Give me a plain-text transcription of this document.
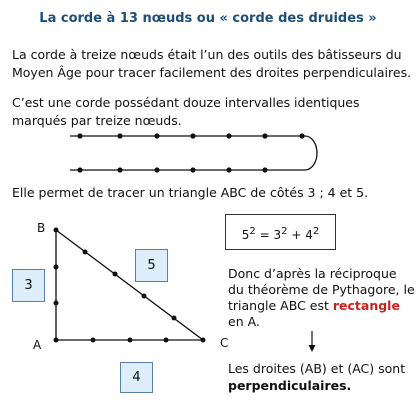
La corde à 13 nœuds ou « corde des druides »
La corde à treize nœuds était l’un des outils des bâtisseurs du Moyen Âge pour tracer facilement des droites perpendiculaires.
C’est une corde possédant douze intervalles identiques marqués par treize nœuds.
Elle permet de tracer un triangle ABC de côtés 3 ; 4 et 5.
B
A	C
3
5
4
$5^2 = 3^2 + 4^2$
Donc d’après la réciproque du théorème de Pythagore, le triangle ABC est rectangle en A.
Les droites (AB) et (AC) sont perpendiculaires.
